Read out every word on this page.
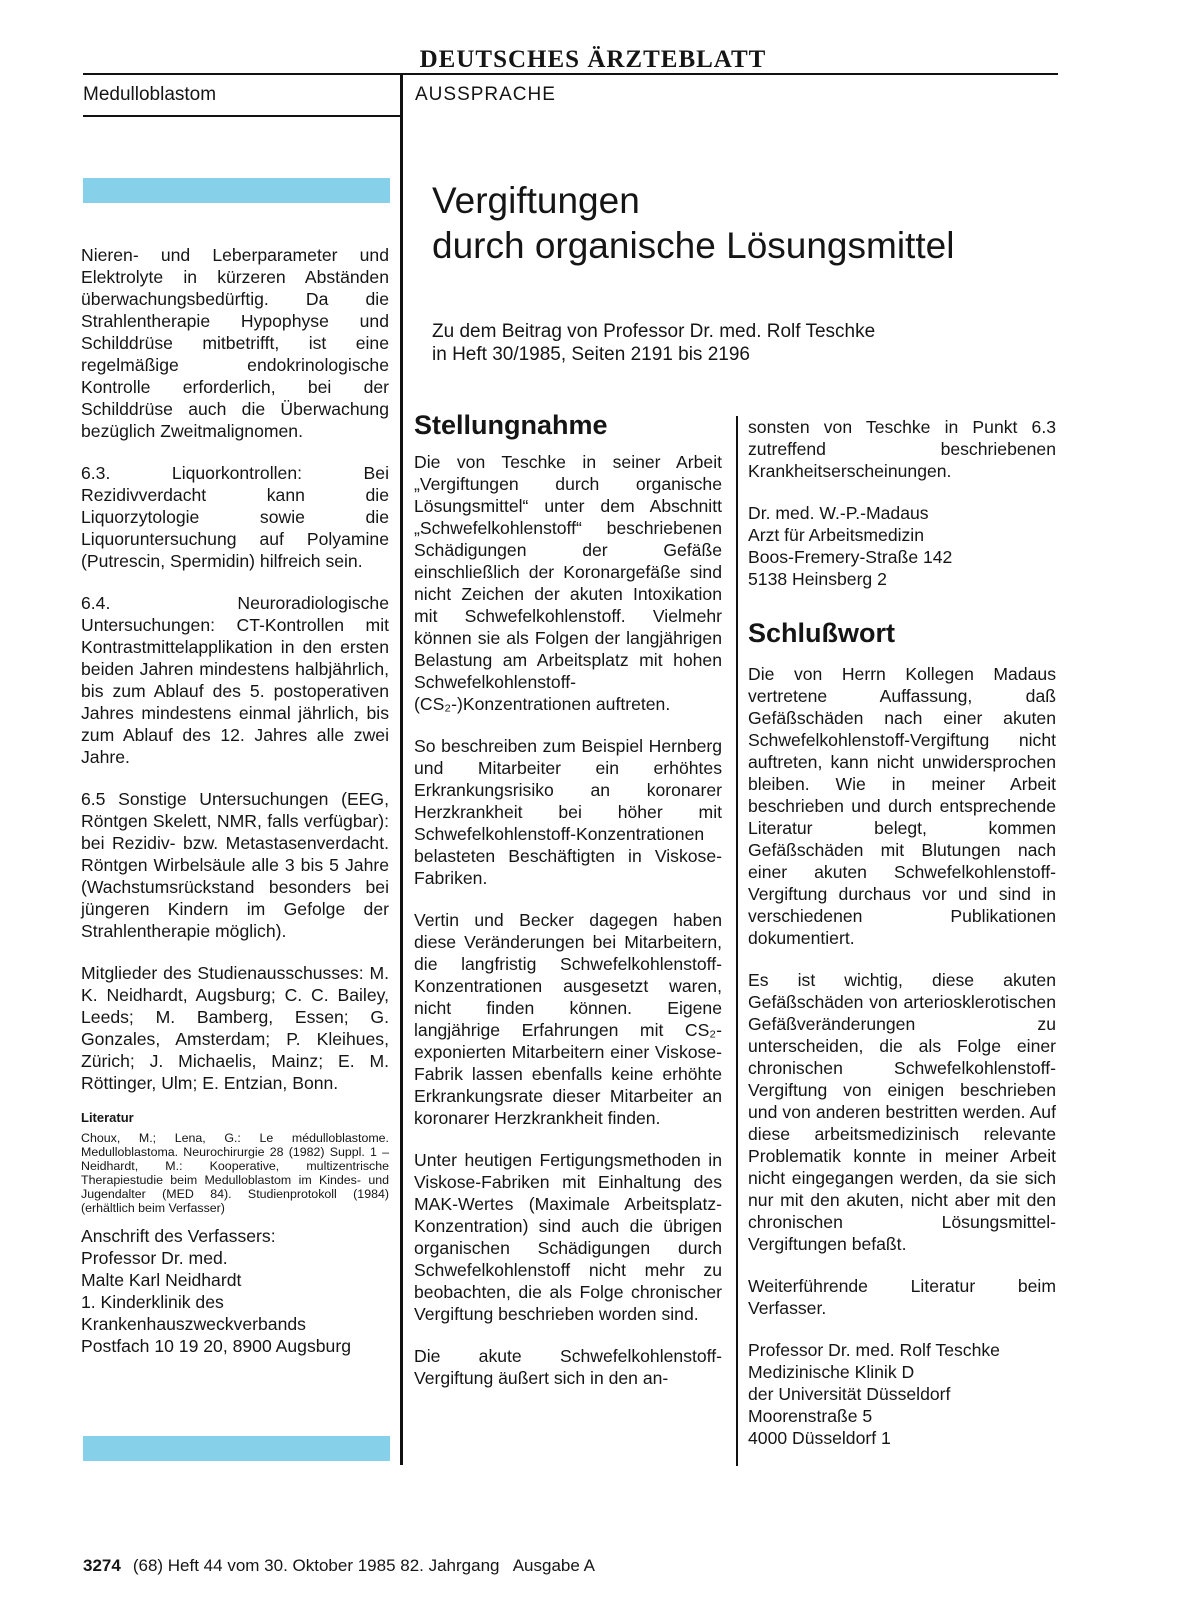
DEUTSCHES ÄRZTEBLATT
Medulloblastom	AUSSPRACHE

Nieren- und Leberparameter und Elektrolyte in kürzeren Abständen überwachungsbedürftig. Da die Strahlentherapie Hypophyse und Schilddrüse mitbetrifft, ist eine regelmäßige endokrinologische Kontrolle erforderlich, bei der Schilddrüse auch die Überwachung bezüglich Zweitmalignomen.

6.3. Liquorkontrollen: Bei Rezidivverdacht kann die Liquorzytologie sowie die Liquoruntersuchung auf Polyamine (Putrescin, Spermidin) hilfreich sein.

6.4. Neuroradiologische Untersuchungen: CT-Kontrollen mit Kontrastmittelapplikation in den ersten beiden Jahren mindestens halbjährlich, bis zum Ablauf des 5. postoperativen Jahres mindestens einmal jährlich, bis zum Ablauf des 12. Jahres alle zwei Jahre.

6.5 Sonstige Untersuchungen (EEG, Röntgen Skelett, NMR, falls verfügbar): bei Rezidiv- bzw. Metastasenverdacht. Röntgen Wirbelsäule alle 3 bis 5 Jahre (Wachstumsrückstand besonders bei jüngeren Kindern im Gefolge der Strahlentherapie möglich).

Mitglieder des Studienausschusses: M. K. Neidhardt, Augsburg; C. C. Bailey, Leeds; M. Bamberg, Essen; G. Gonzales, Amsterdam; P. Kleihues, Zürich; J. Michaelis, Mainz; E. M. Röttinger, Ulm; E. Entzian, Bonn.

Literatur
Choux, M.; Lena, G.: Le médulloblastome. Medulloblastoma. Neurochirurgie 28 (1982) Suppl. 1 – Neidhardt, M.: Kooperative, multizentrische Therapiestudie beim Medulloblastom im Kindes- und Jugendalter (MED 84). Studienprotokoll (1984) (erhältlich beim Verfasser)
Anschrift des Verfassers:
Professor Dr. med.
Malte Karl Neidhardt
1. Kinderklinik des
Krankenhauszweckverbands
Postfach 10 19 20, 8900 Augsburg
Vergiftungen
durch organische Lösungsmittel
Zu dem Beitrag von Professor Dr. med. Rolf Teschke
in Heft 30/1985, Seiten 2191 bis 2196
Stellungnahme

Die von Teschke in seiner Arbeit „Vergiftungen durch organische Lösungsmittel“ unter dem Abschnitt „Schwefelkohlenstoff“ beschriebenen Schädigungen der Gefäße einschließlich der Koronargefäße sind nicht Zeichen der akuten Intoxikation mit Schwefelkohlenstoff. Vielmehr können sie als Folgen der langjährigen Belastung am Arbeitsplatz mit hohen Schwefelkohlenstoff-(CS₂-)Konzentrationen auftreten.

So beschreiben zum Beispiel Hernberg und Mitarbeiter ein erhöhtes Erkrankungsrisiko an koronarer Herzkrankheit bei höher mit Schwefelkohlenstoff-Konzentrationen belasteten Beschäftigten in Viskose-Fabriken.

Vertin und Becker dagegen haben diese Veränderungen bei Mitarbeitern, die langfristig Schwefelkohlenstoff-Konzentrationen ausgesetzt waren, nicht finden können. Eigene langjährige Erfahrungen mit CS₂-exponierten Mitarbeitern einer Viskose-Fabrik lassen ebenfalls keine erhöhte Erkrankungsrate dieser Mitarbeiter an koronarer Herzkrankheit finden.

Unter heutigen Fertigungsmethoden in Viskose-Fabriken mit Einhaltung des MAK-Wertes (Maximale Arbeitsplatz-Konzentration) sind auch die übrigen organischen Schädigungen durch Schwefelkohlenstoff nicht mehr zu beobachten, die als Folge chronischer Vergiftung beschrieben worden sind.

Die akute Schwefelkohlenstoff-Vergiftung äußert sich in den an-

sonsten von Teschke in Punkt 6.3 zutreffend beschriebenen Krankheitserscheinungen.

Dr. med. W.-P.-Madaus
Arzt für Arbeitsmedizin
Boos-Fremery-Straße 142
5138 Heinsberg 2
Schlußwort

Die von Herrn Kollegen Madaus vertretene Auffassung, daß Gefäßschäden nach einer akuten Schwefelkohlenstoff-Vergiftung nicht auftreten, kann nicht unwidersprochen bleiben. Wie in meiner Arbeit beschrieben und durch entsprechende Literatur belegt, kommen Gefäßschäden mit Blutungen nach einer akuten Schwefelkohlenstoff-Vergiftung durchaus vor und sind in verschiedenen Publikationen dokumentiert.

Es ist wichtig, diese akuten Gefäßschäden von arteriosklerotischen Gefäßveränderungen zu unterscheiden, die als Folge einer chronischen Schwefelkohlenstoff-Vergiftung von einigen beschrieben und von anderen bestritten werden. Auf diese arbeitsmedizinisch relevante Problematik konnte in meiner Arbeit nicht eingegangen werden, da sie sich nur mit den akuten, nicht aber mit den chronischen Lösungsmittel-Vergiftungen befaßt.

Weiterführende Literatur beim Verfasser.

Professor Dr. med. Rolf Teschke
Medizinische Klinik D
der Universität Düsseldorf
Moorenstraße 5
4000 Düsseldorf 1
3274 (68) Heft 44 vom 30. Oktober 1985 82. Jahrgang   Ausgabe A
